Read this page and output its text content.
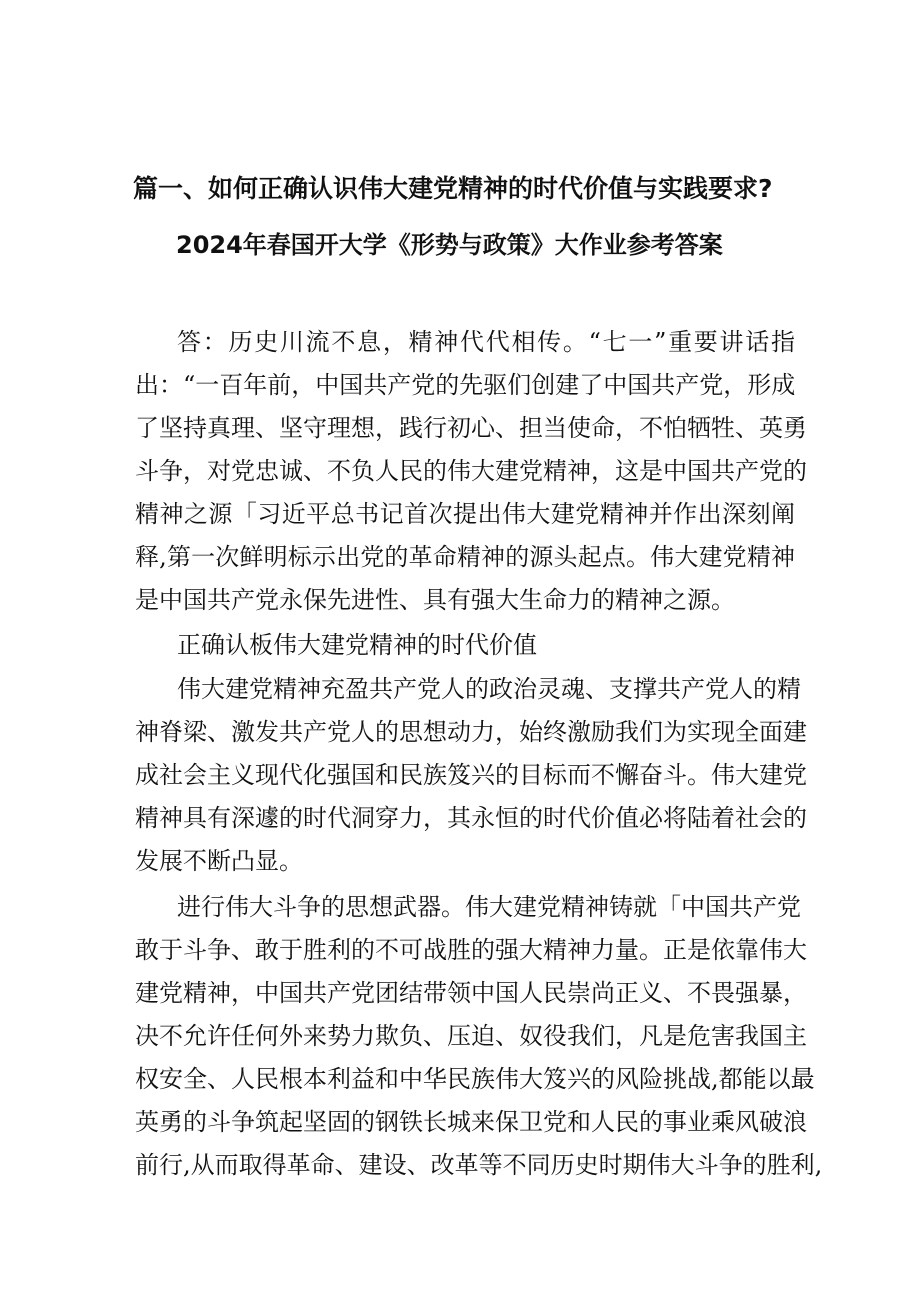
篇一、如何正确认识伟大建党精神的时代价值与实践要求?
2024年春国开大学《形势与政策》大作业参考答案
答：历史川流不息，精神代代相传。“七一”重要讲话指
出：“一百年前，中国共产党的先驱们创建了中国共产党，形成
了坚持真理、坚守理想，践行初心、担当使命，不怕牺牲、英勇
斗争，对党忠诚、不负人民的伟大建党精神，这是中国共产党的
精神之源「习近平总书记首次提出伟大建党精神并作出深刻阐
释,第一次鲜明标示出党的革命精神的源头起点。伟大建党精神
是中国共产党永保先进性、具有强大生命力的精神之源。
正确认板伟大建党精神的时代价值
伟大建党精神充盈共产党人的政治灵魂、支撑共产党人的精
神脊梁、激发共产党人的思想动力，始终激励我们为实现全面建
成社会主义现代化强国和民族笈兴的目标而不懈奋斗。伟大建党
精神具有深遽的时代洞穿力，其永恒的时代价值必将陆着社会的
发展不断凸显。
进行伟大斗争的思想武器。伟大建党精神铸就「中国共产党
敢于斗争、敢于胜利的不可战胜的强大精神力量。正是依靠伟大
建党精神，中国共产党团结带领中国人民崇尚正义、不畏强暴，
决不允许任何外来势力欺负、压迫、奴役我们，凡是危害我国主
权安全、人民根本利益和中华民族伟大笈兴的风险挑战,都能以最
英勇的斗争筑起坚固的钢铁长城来保卫党和人民的事业乘风破浪
前行,从而取得革命、建设、改革等不同历史时期伟大斗争的胜利,
